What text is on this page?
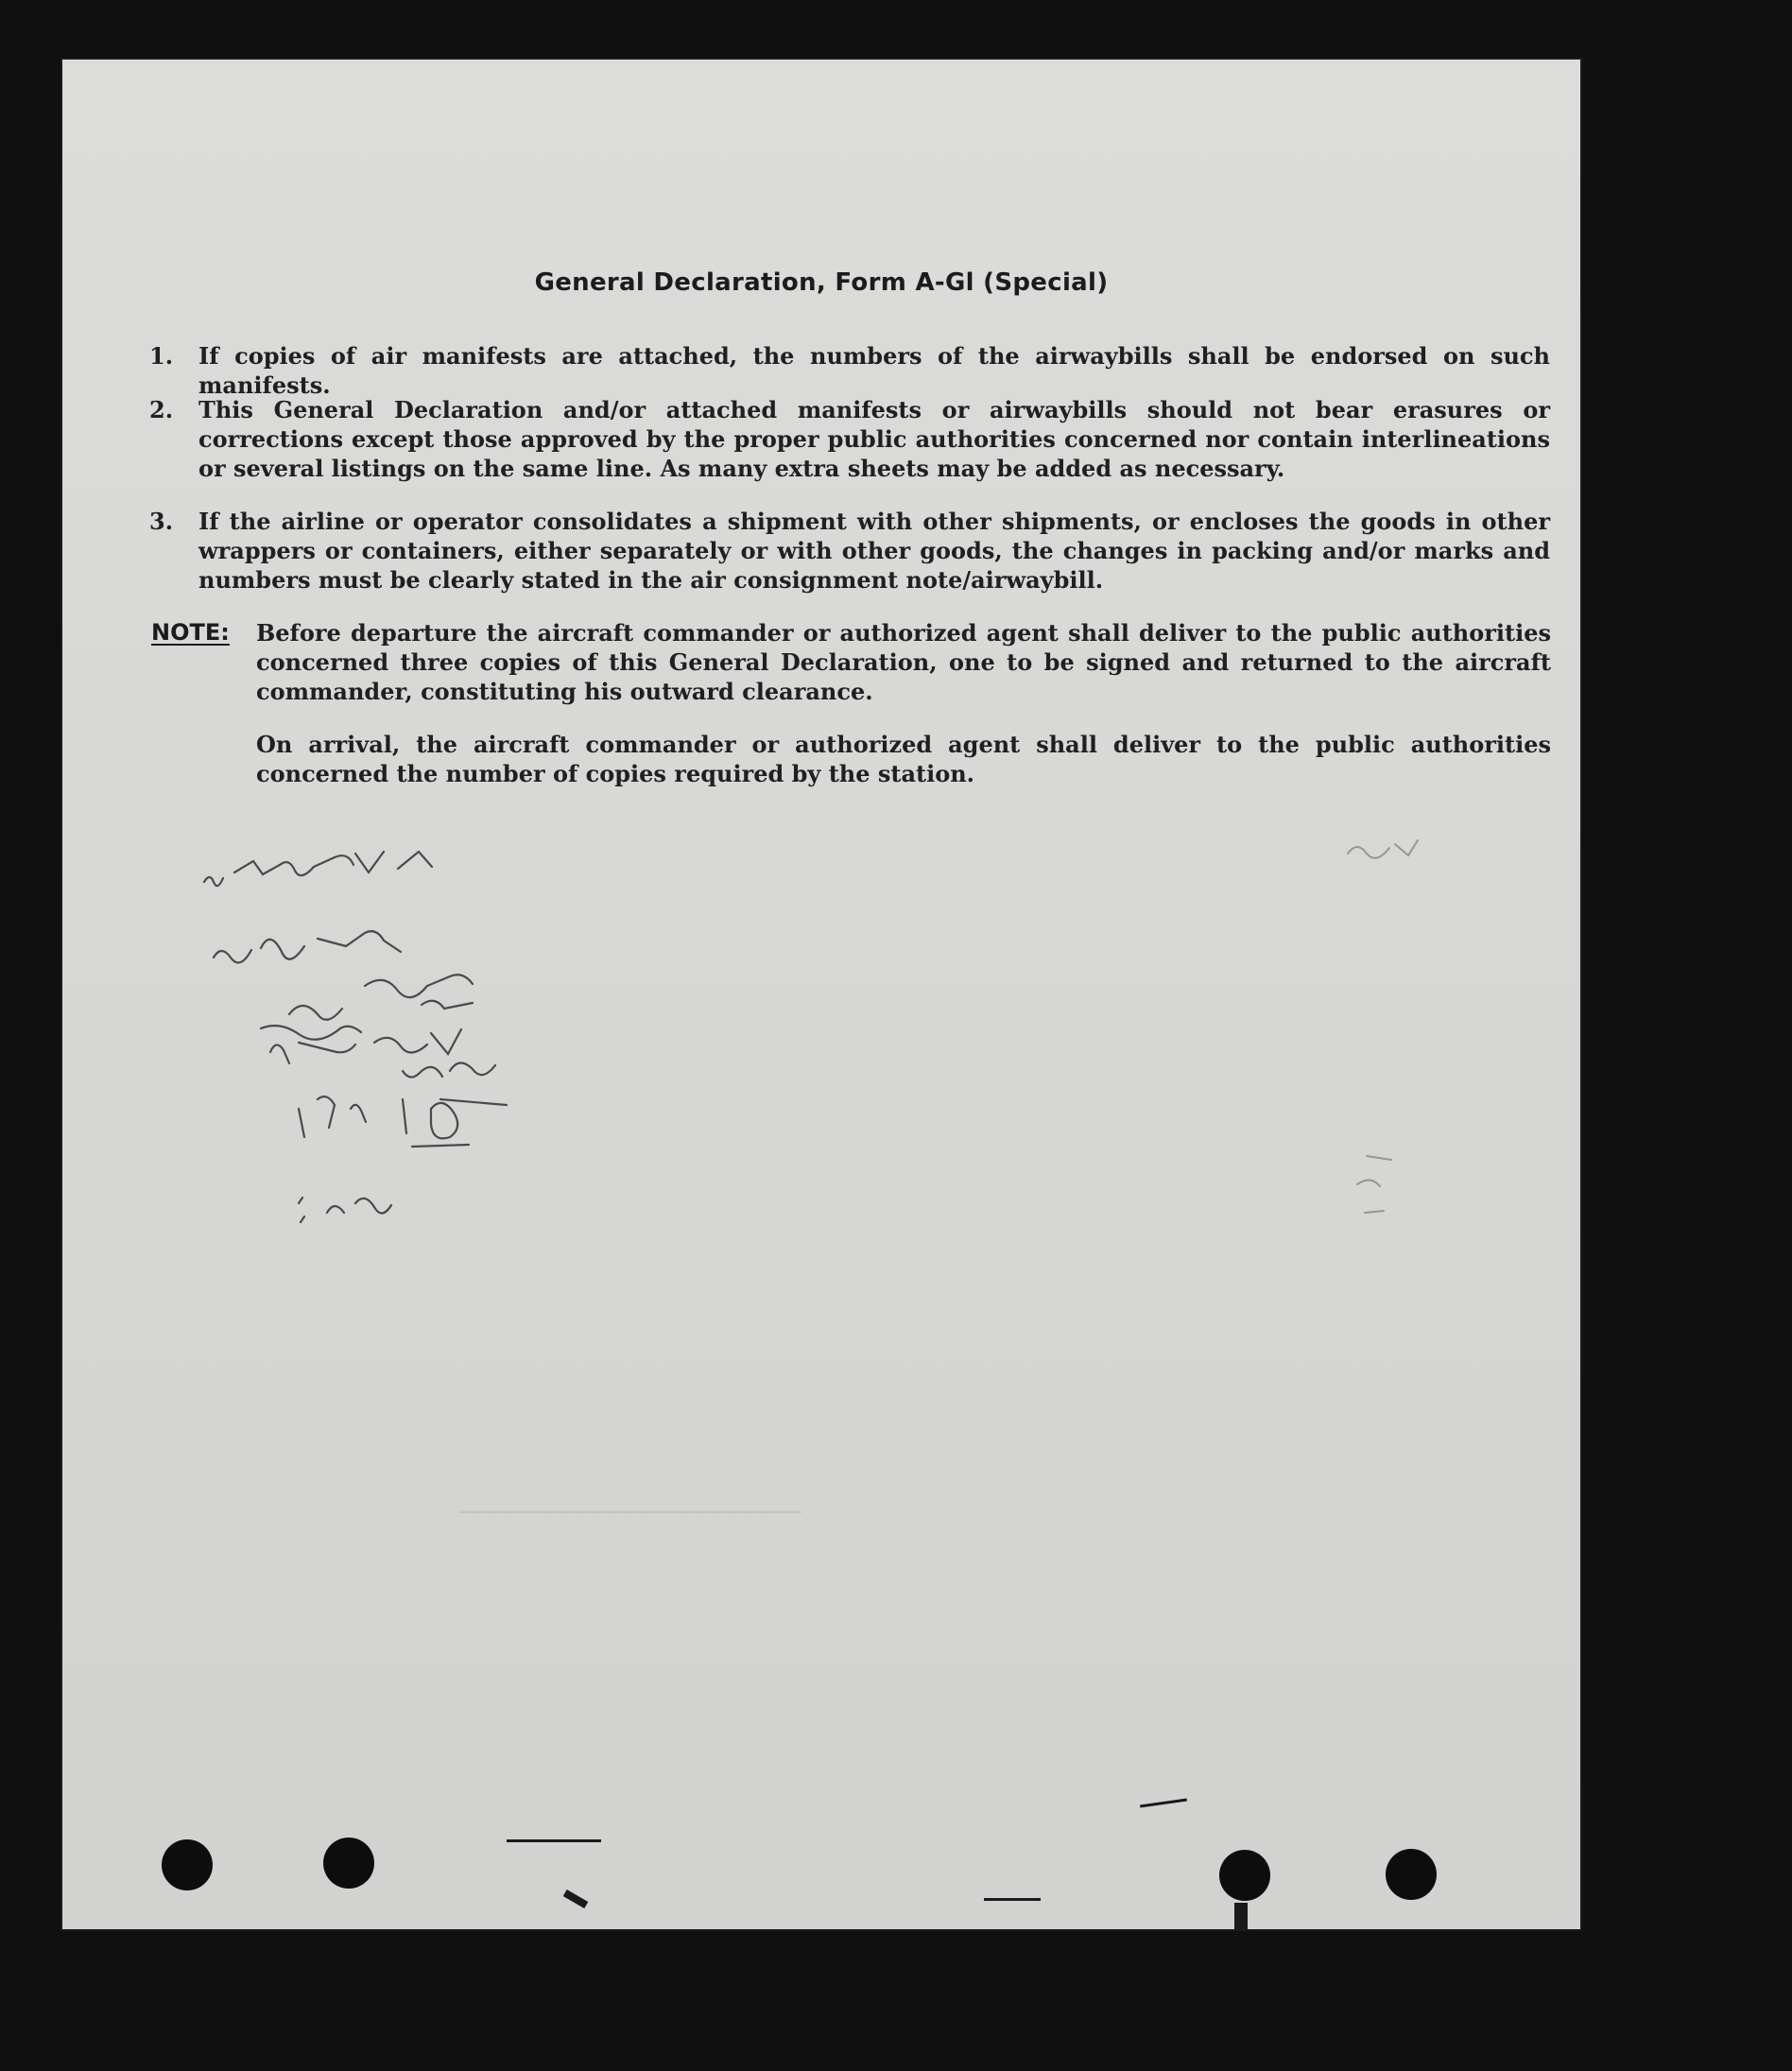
────────────────────
General Declaration, Form A-Gl (Special)
1. If copies of air manifests are attached, the numbers of the airwaybills shall be endorsed on such manifests.
2. This General Declaration and/or attached manifests or airwaybills should not bear erasures or corrections except those approved by the proper public authorities concerned nor contain interlineations or several listings on the same line. As many extra sheets may be added as necessary.
3. If the airline or operator consolidates a shipment with other shipments, or encloses the goods in other wrappers or containers, either separately or with other goods, the changes in packing and/or marks and numbers must be clearly stated in the air consignment note/airwaybill.
NOTE: Before departure the aircraft commander or authorized agent shall deliver to the public authorities concerned three copies of this General Declaration, one to be signed and returned to the aircraft commander, constituting his outward clearance.
On arrival, the aircraft commander or authorized agent shall deliver to the public authorities concerned the number of copies required by the station.
